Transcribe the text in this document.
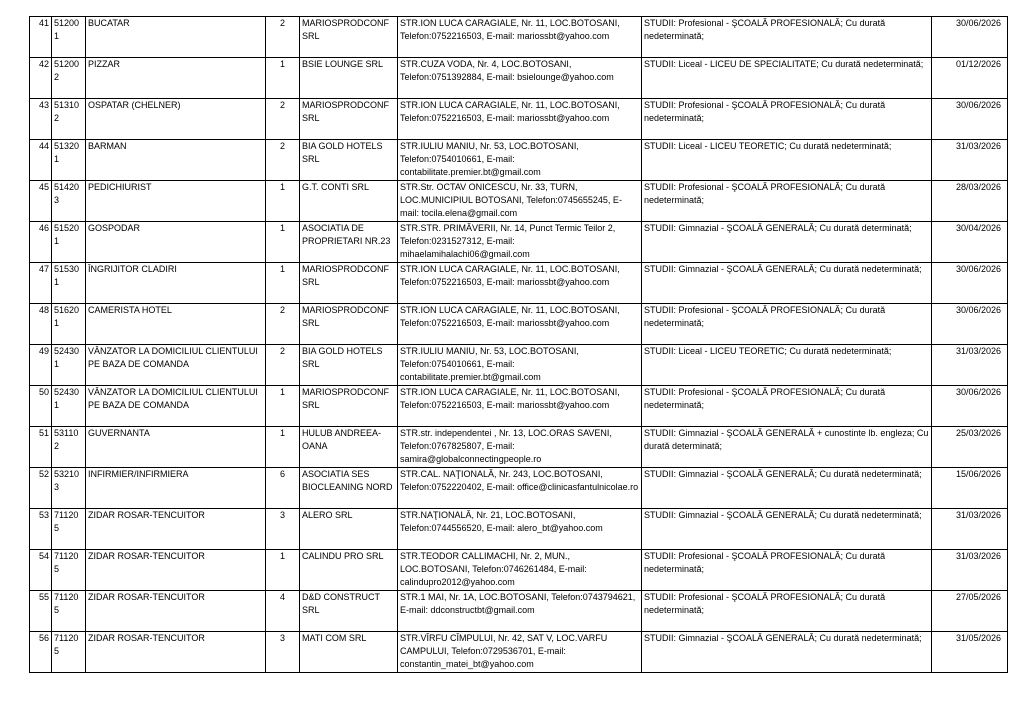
41	512001	BUCATAR	2	MARIOSPRODCONF SRL	STR.ION LUCA CARAGIALE, Nr. 11, LOC.BOTOSANI, Telefon:0752216503, E-mail: mariossbt@yahoo.com	STUDII: Profesional - ŞCOALĂ PROFESIONALĂ; Cu durată nedeterminată;	30/06/2026
42	512002	PIZZAR	1	BSIE LOUNGE SRL	STR.CUZA VODA, Nr. 4, LOC.BOTOSANI, Telefon:0751392884, E-mail: bsielounge@yahoo.com	STUDII: Liceal - LICEU DE SPECIALITATE; Cu durată nedeterminată;	01/12/2026
43	513102	OSPATAR (CHELNER)	2	MARIOSPRODCONF SRL	STR.ION LUCA CARAGIALE, Nr. 11, LOC.BOTOSANI, Telefon:0752216503, E-mail: mariossbt@yahoo.com	STUDII: Profesional - ŞCOALĂ PROFESIONALĂ; Cu durată nedeterminată;	30/06/2026
44	513201	BARMAN	2	BIA GOLD HOTELS SRL	STR.IULIU MANIU, Nr. 53, LOC.BOTOSANI, Telefon:0754010661, E-mail: contabilitate.premier.bt@gmail.com	STUDII: Liceal - LICEU TEORETIC; Cu durată nedeterminată;	31/03/2026
45	514203	PEDICHIURIST	1	G.T. CONTI SRL	STR.Str. OCTAV ONICESCU, Nr. 33, TURN, LOC.MUNICIPIUL BOTOSANI, Telefon:0745655245, E-mail: tocila.elena@gmail.com	STUDII: Profesional - ŞCOALĂ PROFESIONALĂ; Cu durată nedeterminată;	28/03/2026
46	515201	GOSPODAR	1	ASOCIATIA DE PROPRIETARI NR.23	STR.STR. PRIMĂVERII, Nr. 14, Punct Termic Teilor 2, Telefon:0231527312, E-mail: mihaelamihalachi06@gmail.com	STUDII: Gimnazial - ŞCOALĂ GENERALĂ; Cu durată determinată;	30/04/2026
47	515301	ÎNGRIJITOR CLADIRI	1	MARIOSPRODCONF SRL	STR.ION LUCA CARAGIALE, Nr. 11, LOC.BOTOSANI, Telefon:0752216503, E-mail: mariossbt@yahoo.com	STUDII: Gimnazial - ŞCOALĂ GENERALĂ; Cu durată nedeterminată;	30/06/2026
48	516201	CAMERISTA HOTEL	2	MARIOSPRODCONF SRL	STR.ION LUCA CARAGIALE, Nr. 11, LOC.BOTOSANI, Telefon:0752216503, E-mail: mariossbt@yahoo.com	STUDII: Profesional - ŞCOALĂ PROFESIONALĂ; Cu durată nedeterminată;	30/06/2026
49	524301	VÂNZATOR LA DOMICILIUL CLIENTULUI PE BAZA DE COMANDA	2	BIA GOLD HOTELS SRL	STR.IULIU MANIU, Nr. 53, LOC.BOTOSANI, Telefon:0754010661, E-mail: contabilitate.premier.bt@gmail.com	STUDII: Liceal - LICEU TEORETIC; Cu durată nedeterminată;	31/03/2026
50	524301	VÂNZATOR LA DOMICILIUL CLIENTULUI PE BAZA DE COMANDA	1	MARIOSPRODCONF SRL	STR.ION LUCA CARAGIALE, Nr. 11, LOC.BOTOSANI, Telefon:0752216503, E-mail: mariossbt@yahoo.com	STUDII: Profesional - ŞCOALĂ PROFESIONALĂ; Cu durată nedeterminată;	30/06/2026
51	531102	GUVERNANTA	1	HULUB ANDREEA-OANA	STR.str. independentei , Nr. 13, LOC.ORAS SAVENI, Telefon:0767825807, E-mail: samira@globalconnectingpeople.ro	STUDII: Gimnazial - ŞCOALĂ GENERALĂ + cunostinte lb. engleza; Cu durată determinată;	25/03/2026
52	532103	INFIRMIER/INFIRMIERA	6	ASOCIATIA SES BIOCLEANING NORD	STR.CAL. NAŢIONALĂ, Nr. 243, LOC.BOTOSANI, Telefon:0752220402, E-mail: office@clinicasfantulnicolae.ro	STUDII: Gimnazial - ŞCOALĂ GENERALĂ; Cu durată nedeterminată;	15/06/2026
53	711205	ZIDAR ROSAR-TENCUITOR	3	ALERO SRL	STR.NAŢIONALĂ, Nr. 21, LOC.BOTOSANI, Telefon:0744556520, E-mail: alero_bt@yahoo.com	STUDII: Gimnazial - ŞCOALĂ GENERALĂ; Cu durată nedeterminată;	31/03/2026
54	711205	ZIDAR ROSAR-TENCUITOR	1	CALINDU PRO SRL	STR.TEODOR CALLIMACHI, Nr. 2, MUN., LOC.BOTOSANI, Telefon:0746261484, E-mail: calindupro2012@yahoo.com	STUDII: Profesional - ŞCOALĂ PROFESIONALĂ; Cu durată nedeterminată;	31/03/2026
55	711205	ZIDAR ROSAR-TENCUITOR	4	D&D CONSTRUCT SRL	STR.1 MAI, Nr. 1A, LOC.BOTOSANI, Telefon:0743794621, E-mail: ddconstructbt@gmail.com	STUDII: Profesional - ŞCOALĂ PROFESIONALĂ; Cu durată nedeterminată;	27/05/2026
56	711205	ZIDAR ROSAR-TENCUITOR	3	MATI COM SRL	STR.VÎRFU CÎMPULUI, Nr. 42, SAT V, LOC.VARFU CAMPULUI, Telefon:0729536701, E-mail: constantin_matei_bt@yahoo.com	STUDII: Gimnazial - ŞCOALĂ GENERALĂ; Cu durată nedeterminată;	31/05/2026
